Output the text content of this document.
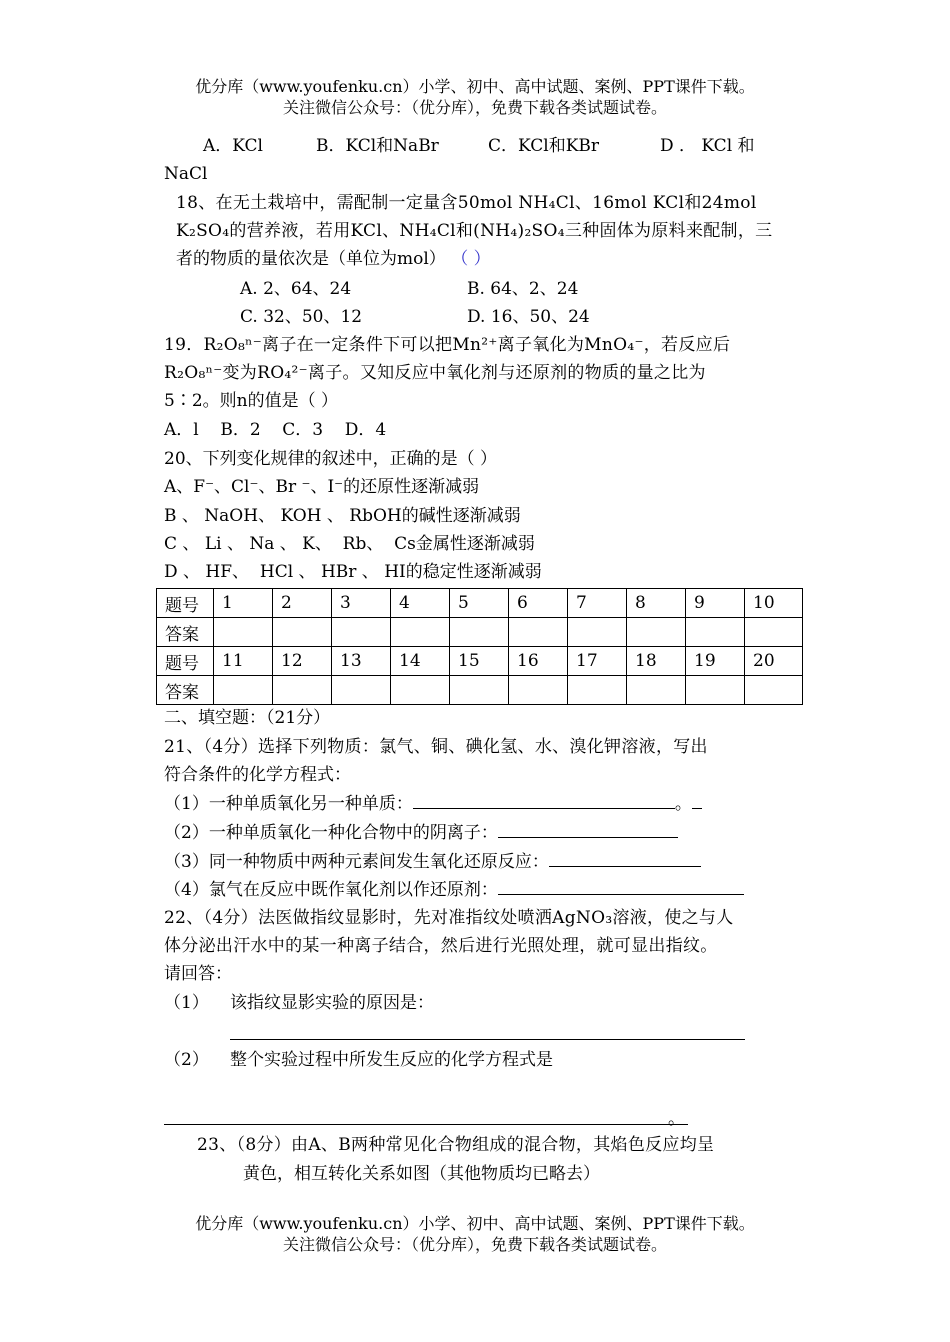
优分库（www.youfenku.cn）小学、初中、高中试题、案例、PPT课件下载。
关注微信公众号：（优分库），免费下载各类试题试卷。
A．KCl	B．KCl和NaBr	C．KCl和KBr	D ． KCl 和
NaCl
18、在无土栽培中，需配制一定量含50mol NH₄Cl、16mol KCl和24mol
K₂SO₄的营养液，若用KCl、NH₄Cl和(NH₄)₂SO₄三种固体为原料来配制，三
者的物质的量依次是（单位为mol） （ ）
A. 2、64、24	B. 64、2、24
C. 32、50、12	D. 16、50、24
19．R₂O₈ⁿ⁻离子在一定条件下可以把Mn²⁺离子氧化为MnO₄⁻，若反应后
R₂O₈ⁿ⁻变为RO₄²⁻离子。又知反应中氧化剂与还原剂的物质的量之比为
5∶2。则n的值是（ ）
A．l    B．2    C．3    D．4
20、下列变化规律的叙述中，正确的是（ ）
A、F⁻、Cl⁻、Br ⁻、I⁻的还原性逐渐减弱
B 、 NaOH、 KOH 、 RbOH的碱性逐渐减弱
C 、 Li 、 Na 、 K、  Rb、  Cs金属性逐渐减弱
D 、 HF、  HCl 、 HBr 、 HI的稳定性逐渐减弱
题号	1	2	3	4	5	6	7	8	9	10
答案										
题号	11	12	13	14	15	16	17	18	19	20
答案										
二、填空题：（21分）
21、（4分）选择下列物质：氯气、铜、碘化氢、水、溴化钾溶液，写出
符合条件的化学方程式：
（1）一种单质氧化另一种单质：	。
（2）一种单质氧化一种化合物中的阴离子：
（3）同一种物质中两种元素间发生氧化还原反应：
（4）氯气在反应中既作氧化剂以作还原剂：
22、（4分）法医做指纹显影时，先对准指纹处喷洒AgNO₃溶液，使之与人
体分泌出汗水中的某一种离子结合，然后进行光照处理，就可显出指纹。
请回答：
（1） 该指纹显影实验的原因是：
（2） 整个实验过程中所发生反应的化学方程式是
。
23、（8分）由A、B两种常见化合物组成的混合物，其焰色反应均呈
黄色，相互转化关系如图（其他物质均已略去）
优分库（www.youfenku.cn）小学、初中、高中试题、案例、PPT课件下载。
关注微信公众号：（优分库），免费下载各类试题试卷。
